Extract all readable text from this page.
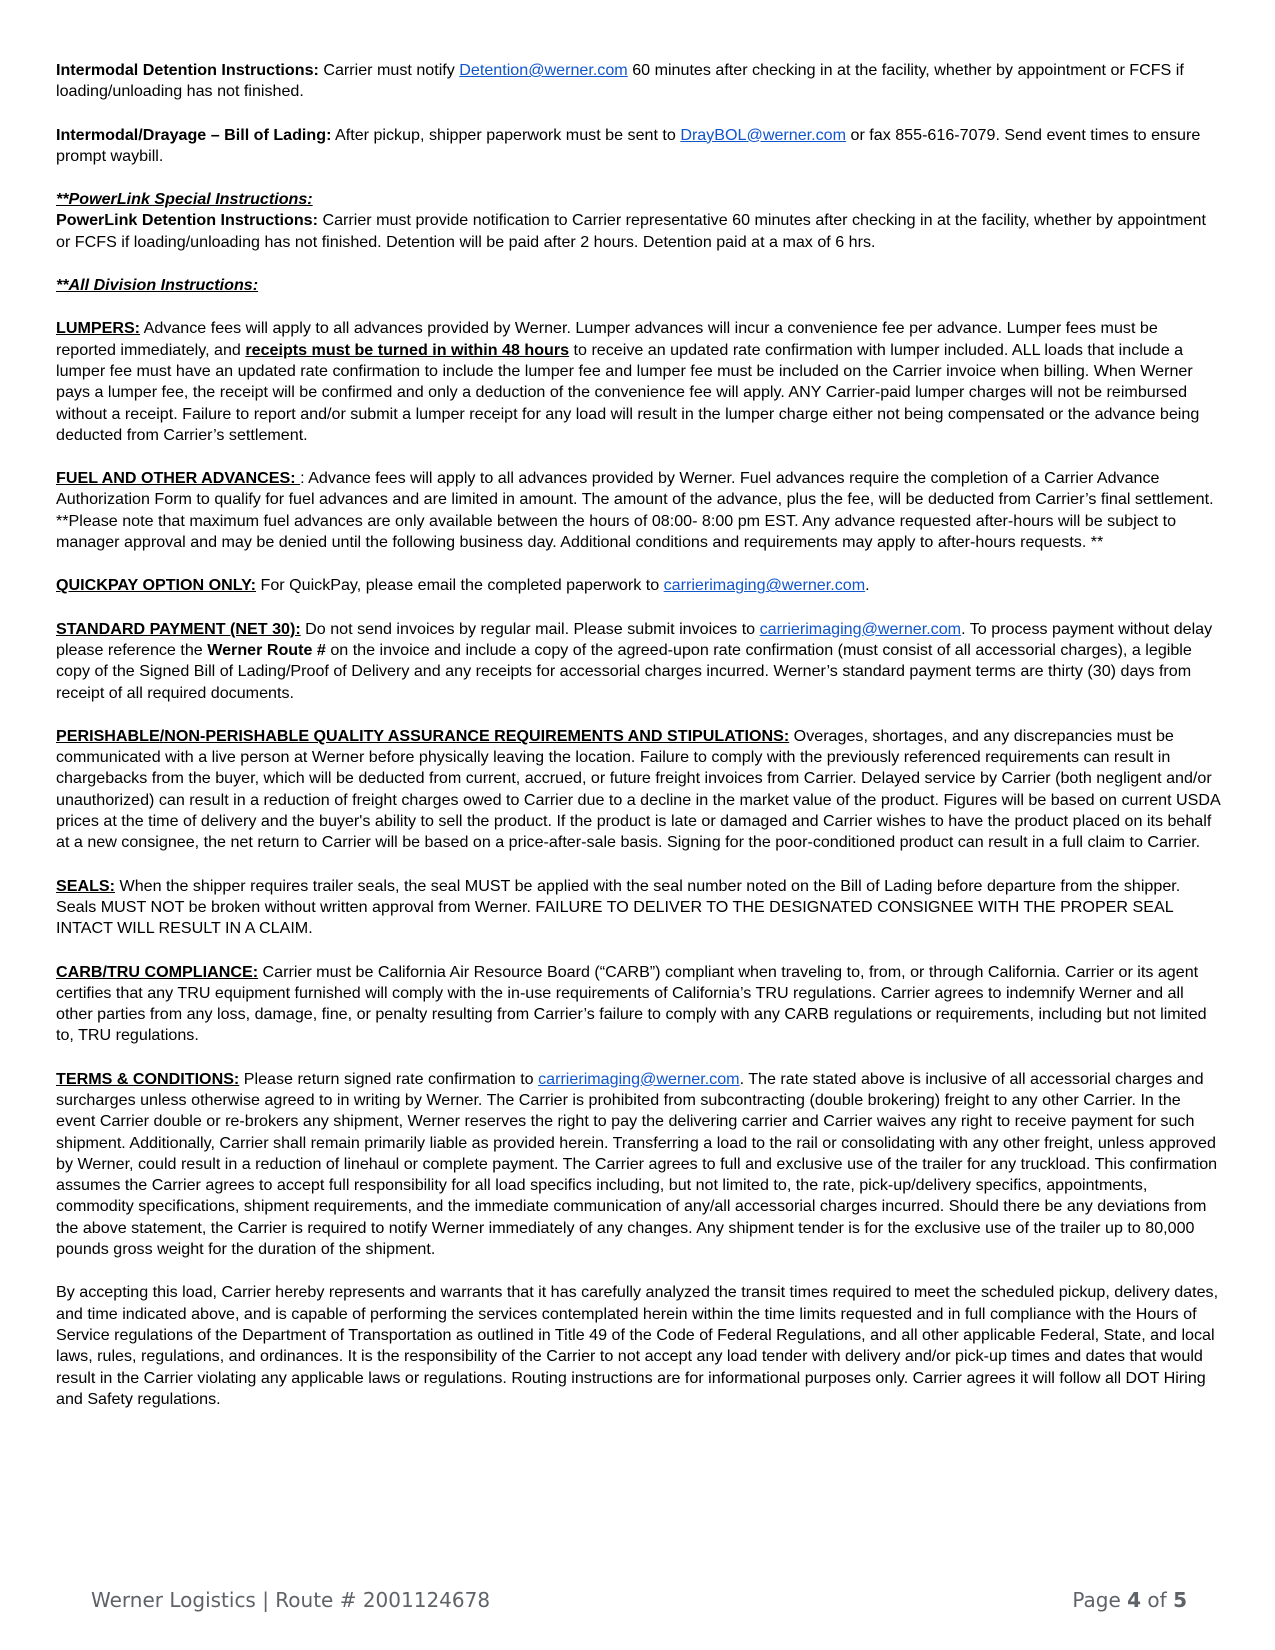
Intermodal Detention Instructions: Carrier must notify Detention@werner.com 60 minutes after checking in at the facility, whether by appointment or FCFS if loading/unloading has not finished.

Intermodal/Drayage – Bill of Lading: After pickup, shipper paperwork must be sent to DrayBOL@werner.com or fax 855-616-7079. Send event times to ensure prompt waybill.

**PowerLink Special Instructions:

PowerLink Detention Instructions: Carrier must provide notification to Carrier representative 60 minutes after checking in at the facility, whether by appointment or FCFS if loading/unloading has not finished. Detention will be paid after 2 hours. Detention paid at a max of 6 hrs.

**All Division Instructions:

LUMPERS: Advance fees will apply to all advances provided by Werner. Lumper advances will incur a convenience fee per advance. Lumper fees must be reported immediately, and receipts must be turned in within 48 hours to receive an updated rate confirmation with lumper included. ALL loads that include a lumper fee must have an updated rate confirmation to include the lumper fee and lumper fee must be included on the Carrier invoice when billing. When Werner pays a lumper fee, the receipt will be confirmed and only a deduction of the convenience fee will apply. ANY Carrier-paid lumper charges will not be reimbursed without a receipt. Failure to report and/or submit a lumper receipt for any load will result in the lumper charge either not being compensated or the advance being deducted from Carrier’s settlement.

FUEL AND OTHER ADVANCES: : Advance fees will apply to all advances provided by Werner. Fuel advances require the completion of a Carrier Advance Authorization Form to qualify for fuel advances and are limited in amount. The amount of the advance, plus the fee, will be deducted from Carrier’s final settlement. **Please note that maximum fuel advances are only available between the hours of 08:00- 8:00 pm EST. Any advance requested after-hours will be subject to manager approval and may be denied until the following business day. Additional conditions and requirements may apply to after-hours requests. **

QUICKPAY OPTION ONLY: For QuickPay, please email the completed paperwork to carrierimaging@werner.com.

STANDARD PAYMENT (NET 30): Do not send invoices by regular mail. Please submit invoices to carrierimaging@werner.com. To process payment without delay please reference the Werner Route # on the invoice and include a copy of the agreed-upon rate confirmation (must consist of all accessorial charges), a legible copy of the Signed Bill of Lading/Proof of Delivery and any receipts for accessorial charges incurred. Werner’s standard payment terms are thirty (30) days from receipt of all required documents.

PERISHABLE/NON-PERISHABLE QUALITY ASSURANCE REQUIREMENTS AND STIPULATIONS: Overages, shortages, and any discrepancies must be communicated with a live person at Werner before physically leaving the location. Failure to comply with the previously referenced requirements can result in chargebacks from the buyer, which will be deducted from current, accrued, or future freight invoices from Carrier. Delayed service by Carrier (both negligent and/or unauthorized) can result in a reduction of freight charges owed to Carrier due to a decline in the market value of the product. Figures will be based on current USDA prices at the time of delivery and the buyer's ability to sell the product. If the product is late or damaged and Carrier wishes to have the product placed on its behalf at a new consignee, the net return to Carrier will be based on a price-after-sale basis. Signing for the poor-conditioned product can result in a full claim to Carrier.

SEALS: When the shipper requires trailer seals, the seal MUST be applied with the seal number noted on the Bill of Lading before departure from the shipper. Seals MUST NOT be broken without written approval from Werner. FAILURE TO DELIVER TO THE DESIGNATED CONSIGNEE WITH THE PROPER SEAL INTACT WILL RESULT IN A CLAIM.

CARB/TRU COMPLIANCE: Carrier must be California Air Resource Board (“CARB”) compliant when traveling to, from, or through California. Carrier or its agent certifies that any TRU equipment furnished will comply with the in-use requirements of California’s TRU regulations. Carrier agrees to indemnify Werner and all other parties from any loss, damage, fine, or penalty resulting from Carrier’s failure to comply with any CARB regulations or requirements, including but not limited to, TRU regulations.

TERMS & CONDITIONS: Please return signed rate confirmation to carrierimaging@werner.com. The rate stated above is inclusive of all accessorial charges and surcharges unless otherwise agreed to in writing by Werner. The Carrier is prohibited from subcontracting (double brokering) freight to any other Carrier. In the event Carrier double or re-brokers any shipment, Werner reserves the right to pay the delivering carrier and Carrier waives any right to receive payment for such shipment. Additionally, Carrier shall remain primarily liable as provided herein. Transferring a load to the rail or consolidating with any other freight, unless approved by Werner, could result in a reduction of linehaul or complete payment. The Carrier agrees to full and exclusive use of the trailer for any truckload. This confirmation assumes the Carrier agrees to accept full responsibility for all load specifics including, but not limited to, the rate, pick-up/delivery specifics, appointments, commodity specifications, shipment requirements, and the immediate communication of any/all accessorial charges incurred. Should there be any deviations from the above statement, the Carrier is required to notify Werner immediately of any changes. Any shipment tender is for the exclusive use of the trailer up to 80,000 pounds gross weight for the duration of the shipment.

By accepting this load, Carrier hereby represents and warrants that it has carefully analyzed the transit times required to meet the scheduled pickup, delivery dates, and time indicated above, and is capable of performing the services contemplated herein within the time limits requested and in full compliance with the Hours of Service regulations of the Department of Transportation as outlined in Title 49 of the Code of Federal Regulations, and all other applicable Federal, State, and local laws, rules, regulations, and ordinances. It is the responsibility of the Carrier to not accept any load tender with delivery and/or pick-up times and dates that would result in the Carrier violating any applicable laws or regulations. Routing instructions are for informational purposes only. Carrier agrees it will follow all DOT Hiring and Safety regulations.

Werner Logistics | Route # 2001124678	Page 4 of 5
